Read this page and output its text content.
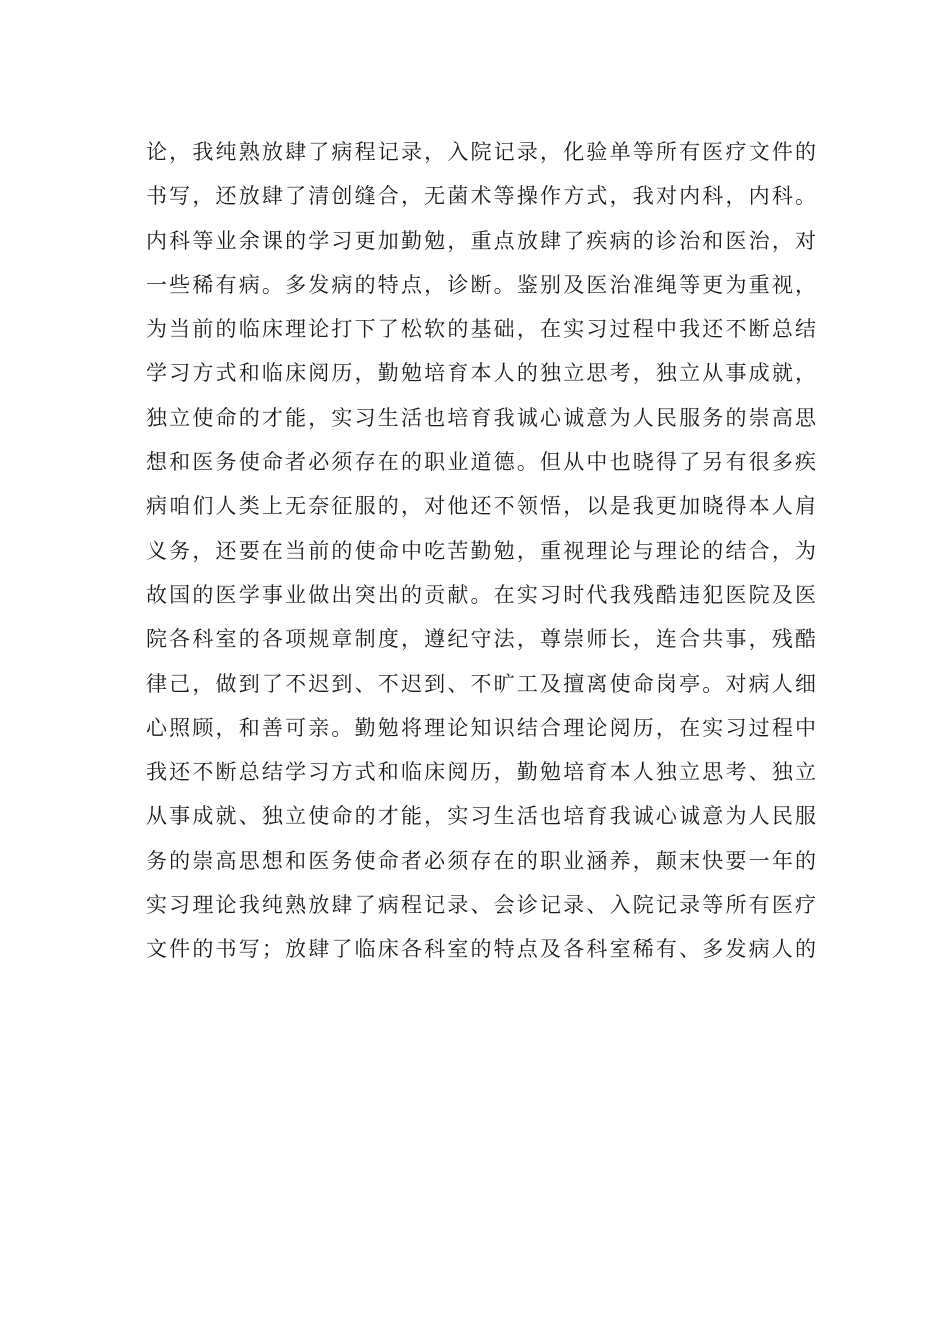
论，我纯熟放肆了病程记录，入院记录，化验单等所有医疗文件的
书写，还放肆了清创缝合，无菌术等操作方式，我对内科，内科。
内科等业余课的学习更加勤勉，重点放肆了疾病的诊治和医治，对
一些稀有病。多发病的特点，诊断。鉴别及医治准绳等更为重视，
为当前的临床理论打下了松软的基础，在实习过程中我还不断总结
学习方式和临床阅历，勤勉培育本人的独立思考，独立从事成就，
独立使命的才能，实习生活也培育我诚心诚意为人民服务的崇高思
想和医务使命者必须存在的职业道德。但从中也晓得了另有很多疾
病咱们人类上无奈征服的，对他还不领悟，以是我更加晓得本人肩
义务，还要在当前的使命中吃苦勤勉，重视理论与理论的结合，为
故国的医学事业做出突出的贡献。在实习时代我残酷违犯医院及医
院各科室的各项规章制度，遵纪守法，尊崇师长，连合共事，残酷
律己，做到了不迟到、不迟到、不旷工及擅离使命岗亭。对病人细
心照顾，和善可亲。勤勉将理论知识结合理论阅历，在实习过程中
我还不断总结学习方式和临床阅历，勤勉培育本人独立思考、独立
从事成就、独立使命的才能，实习生活也培育我诚心诚意为人民服
务的崇高思想和医务使命者必须存在的职业涵养，颠末快要一年的
实习理论我纯熟放肆了病程记录、会诊记录、入院记录等所有医疗
文件的书写；放肆了临床各科室的特点及各科室稀有、多发病人的
